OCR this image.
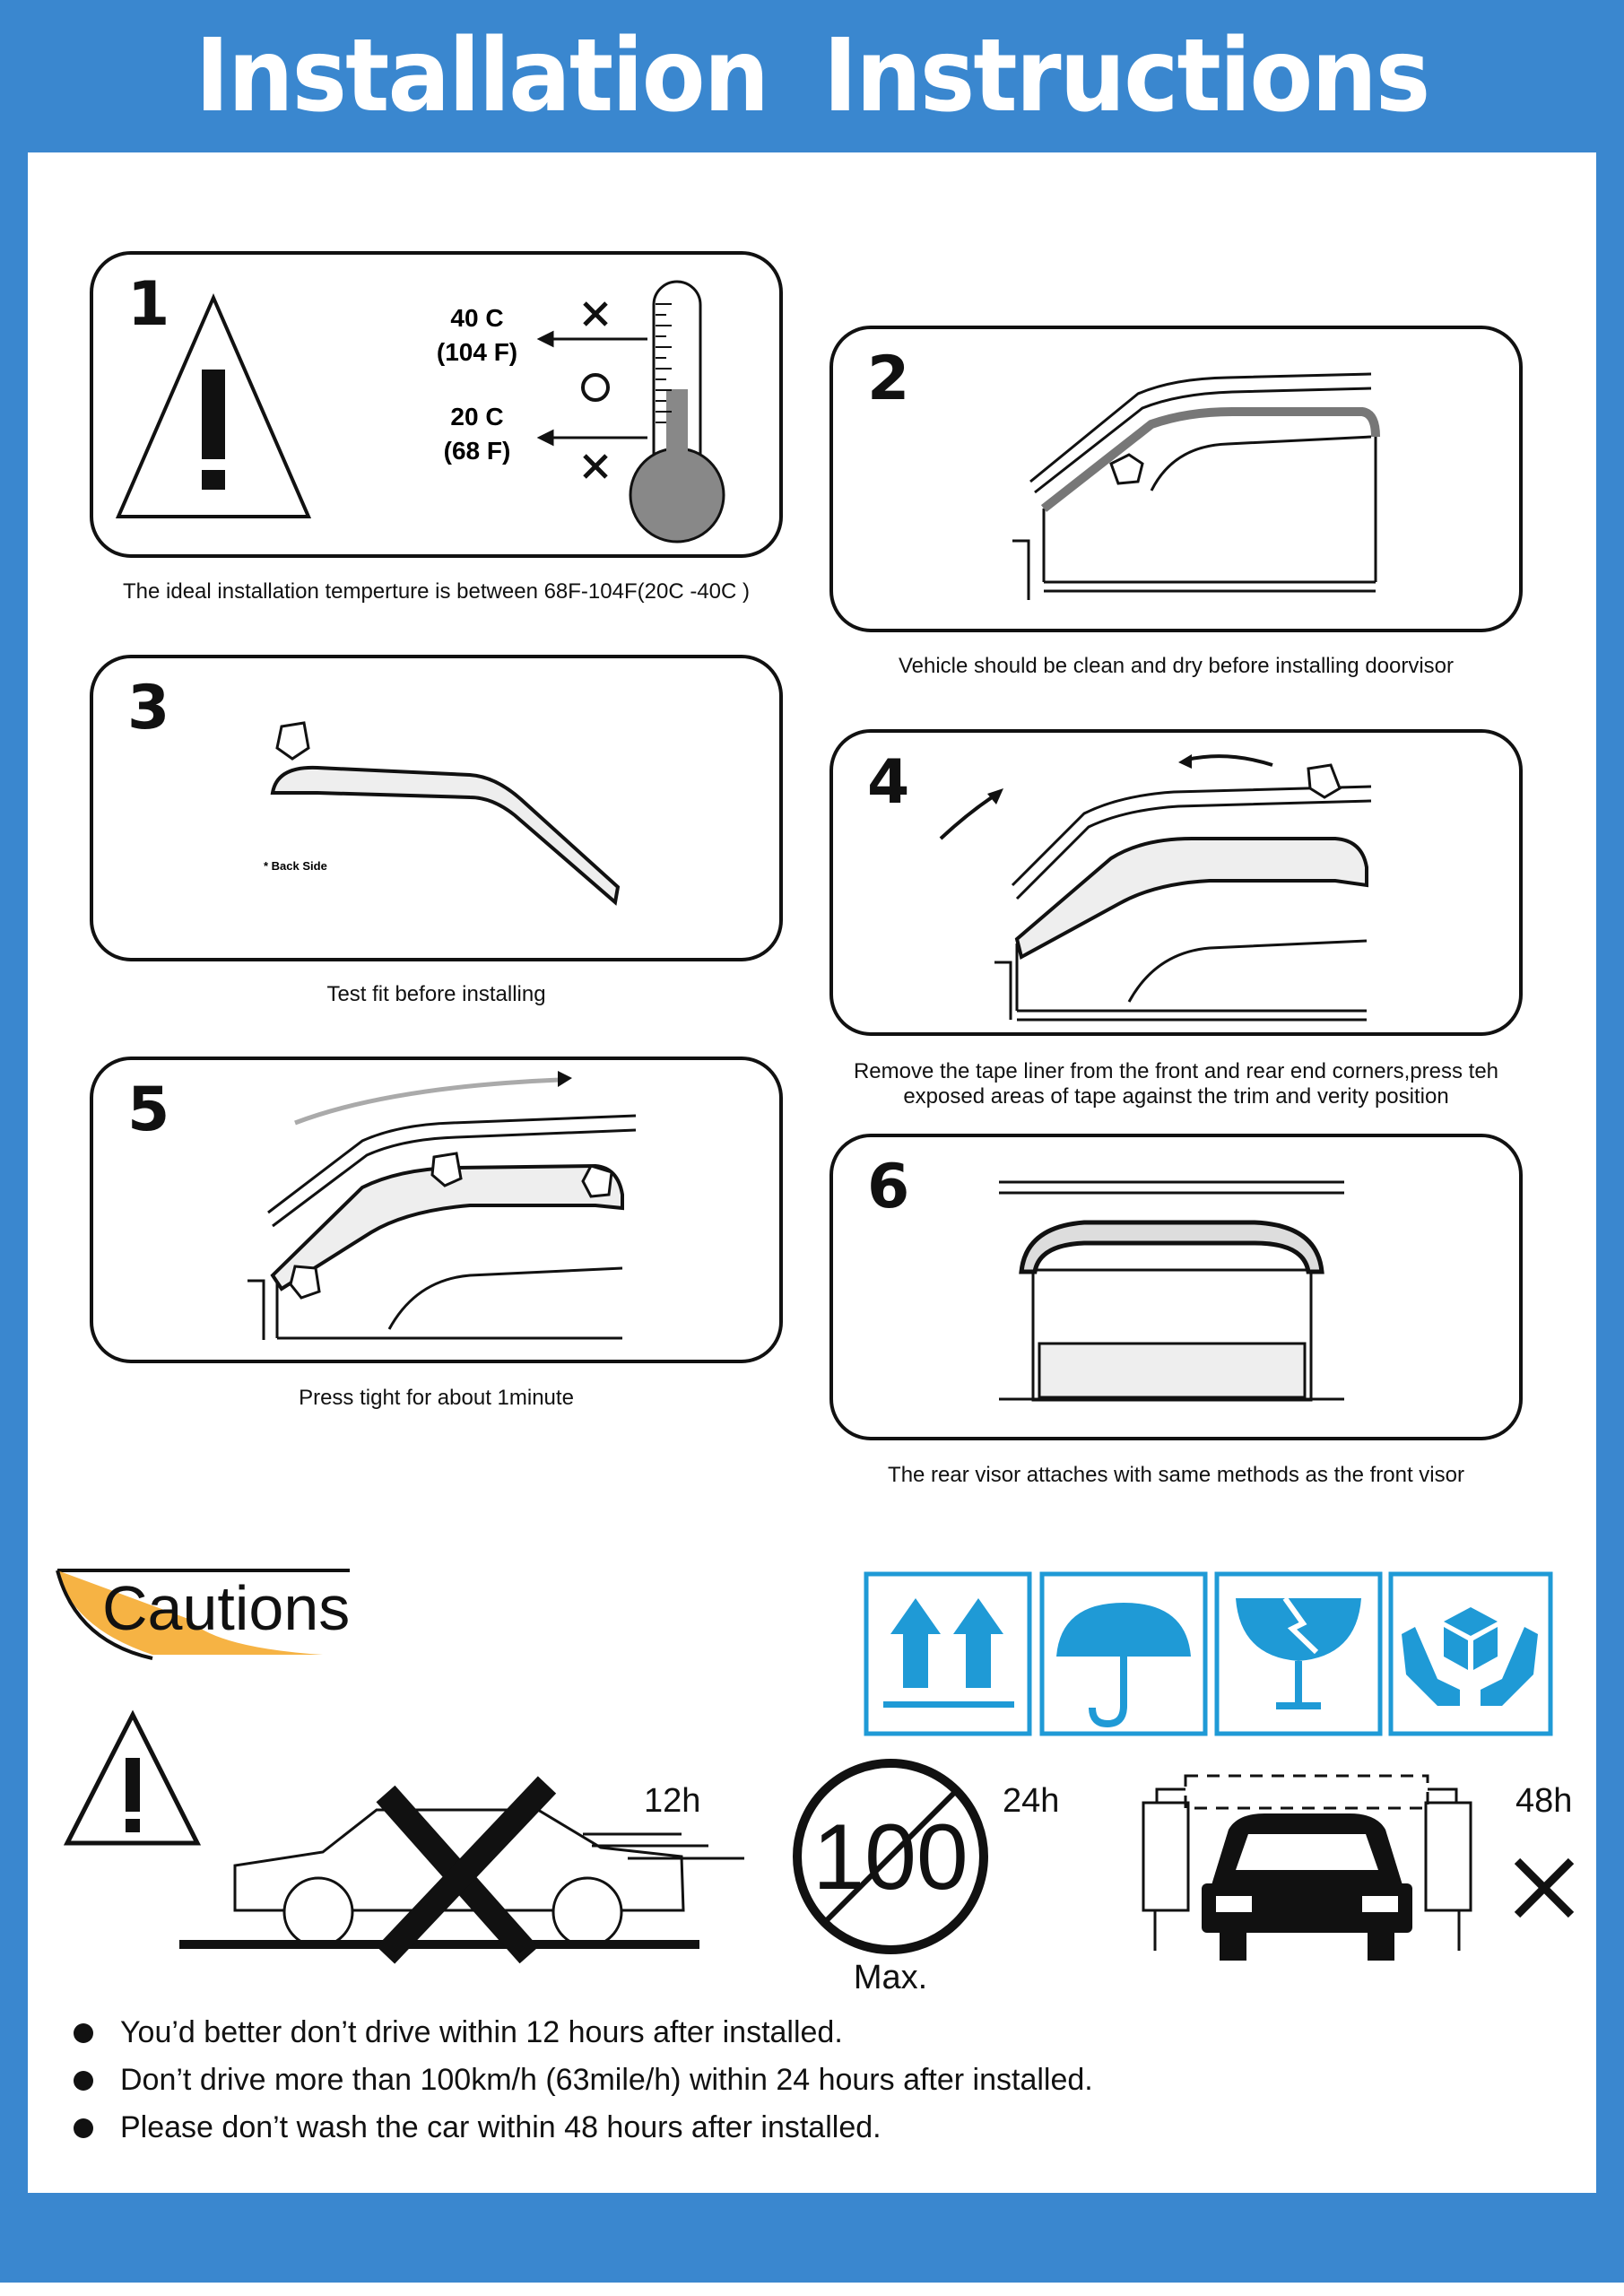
Installation Instructions
1	40 C
(104 F)
20 C
(68 F)
The ideal installation temperture is between 68F-104F(20C -40C )
2
Vehicle should be clean and dry before installing doorvisor
3
* Back Side
Test fit before installing
4
Remove the tape liner from the front and rear end corners,press teh
exposed areas of tape against the trim and verity position
5
Press tight for about 1minute
6
The rear visor attaches with same methods as the front visor
Cautions
12h
100
Max.
24h	48h
You’d better don’t drive within 12 hours after installed.
Don’t drive more than 100km/h (63mile/h) within 24 hours after installed.
Please don’t wash the car within 48 hours after installed.
